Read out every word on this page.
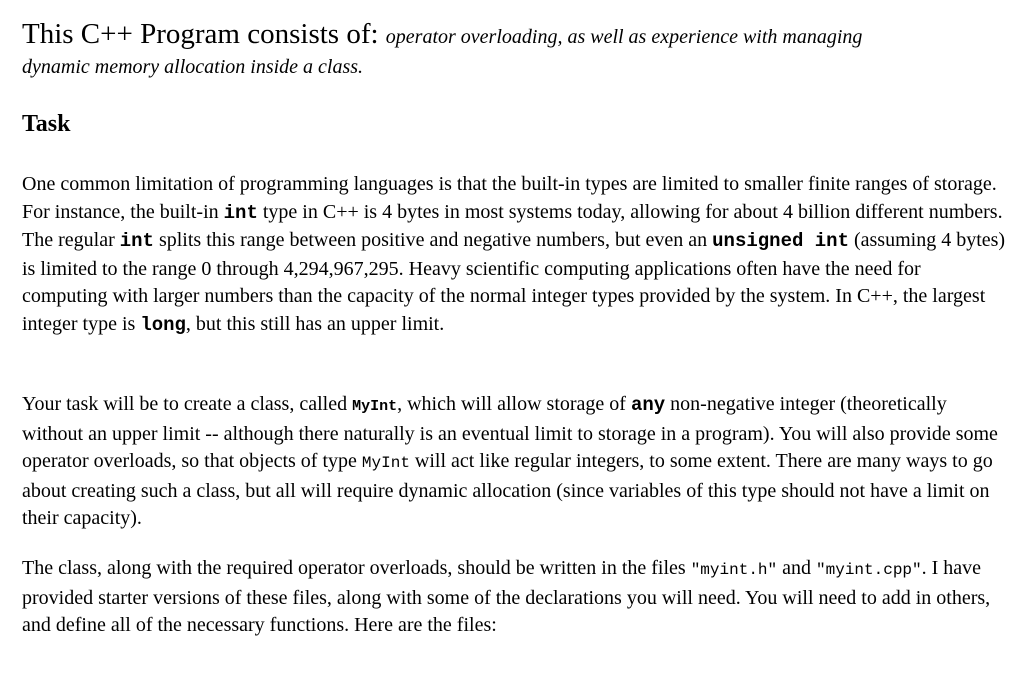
This C++ Program consists of: operator overloading, as well as experience with managing

dynamic memory allocation inside a class.

Task

One common limitation of programming languages is that the built-in types are limited to smaller finite ranges of storage. For instance, the built-in int type in C++ is 4 bytes in most systems today, allowing for about 4 billion different numbers. The regular int splits this range between positive and negative numbers, but even an unsigned int (assuming 4 bytes) is limited to the range 0 through 4,294,967,295. Heavy scientific computing applications often have the need for computing with larger numbers than the capacity of the normal integer types provided by the system. In C++, the largest integer type is long, but this still has an upper limit.

Your task will be to create a class, called MyInt, which will allow storage of any non-negative integer (theoretically without an upper limit -- although there naturally is an eventual limit to storage in a program). You will also provide some operator overloads, so that objects of type MyInt will act like regular integers, to some extent. There are many ways to go about creating such a class, but all will require dynamic allocation (since variables of this type should not have a limit on their capacity).

The class, along with the required operator overloads, should be written in the files "myint.h" and "myint.cpp". I have provided starter versions of these files, along with some of the declarations you will need. You will need to add in others, and define all of the necessary functions. Here are the files:
